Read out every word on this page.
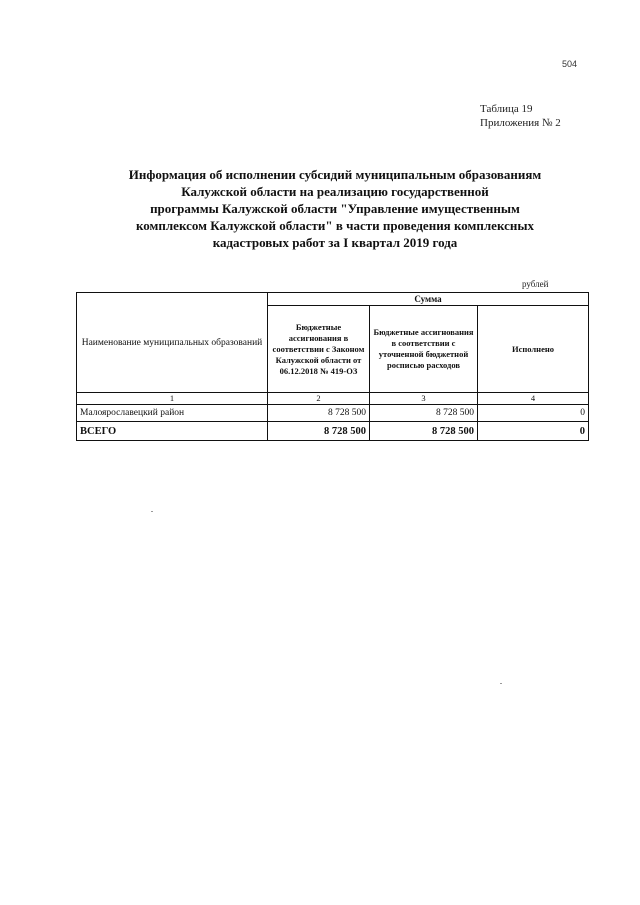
504
Таблица 19
Приложения № 2
Информация об исполнении субсидий муниципальным образованиям
Калужской области на реализацию государственной
программы Калужской области "Управление имущественным
комплексом Калужской области" в части проведения комплексных
кадастровых работ за I квартал 2019 года
рублей
Наименование муниципальных образований	Сумма		
	Бюджетные ассигнования в соответствии с Законом Калужской области от 06.12.2018 № 419-ОЗ	Бюджетные ассигнования в соответствии с уточненной бюджетной росписью расходов	Исполнено
1	2	3	4
Малоярославецкий район	8 728 500	8 728 500	0
ВСЕГО	8 728 500	8 728 500	0
